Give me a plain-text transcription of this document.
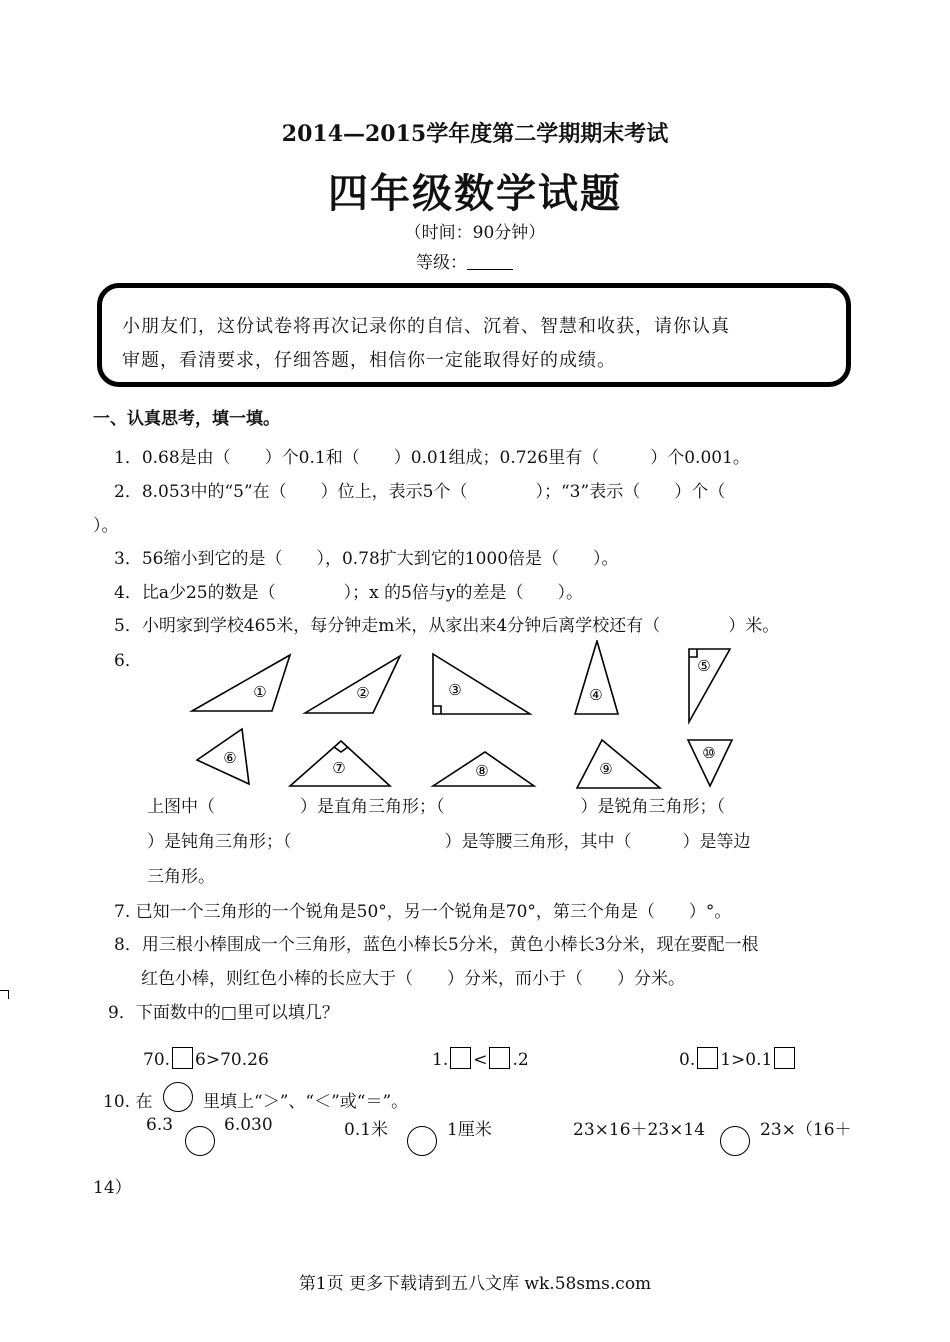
2014—2015学年度第二学期期末考试
四年级数学试题
（时间：90分钟）
等级：

小朋友们，这份试卷将再次记录你的自信、沉着、智慧和收获，请你认真

审题，看清要求，仔细答题，相信你一定能取得好的成绩。

一、认真思考，填一填。
1．0.68是由（　　）个0.1和（　　）0.01组成；0.726里有（　　　）个0.001。
2．8.053中的“5”在（　　）位上，表示5个（　　　　）；“3”表示（　　）个（
）。
3．56缩小到它的是（　　），0.78扩大到它的1000倍是（　　）。
4．比a少25的数是（　　　　）；x 的5倍与y的差是（　　）。
5．小明家到学校465米，每分钟走m米，从家出来4分钟后离学校还有（　　　　）米。
6．
①	②	③	④
⑤
⑥
⑦	⑧	⑨
⑩
上图中（　　　　　）是直角三角形；（　　　　　　　　）是锐角三角形；（
）是钝角三角形；（　　　　　　　　　）是等腰三角形，其中（　　　）是等边
三角形。
7. 已知一个三角形的一个锐角是50°，另一个锐角是70°，第三个角是（　　）°。
8．用三根小棒围成一个三角形，蓝色小棒长5分米，黄色小棒长3分米，现在要配一根
红色小棒，则红色小棒的长应大于（　　）分米，而小于（　　）分米。
9．下面数中的□里可以填几？
70. 6>70.26	1. < .2	0. 1>0.1
10. 在	里填上“＞”、“＜”或“＝”。
6.3	6.030	0.1米	1厘米	23×16＋23×14	23×（16＋
14）
第1页 更多下载请到五八文库 wk.58sms.com
